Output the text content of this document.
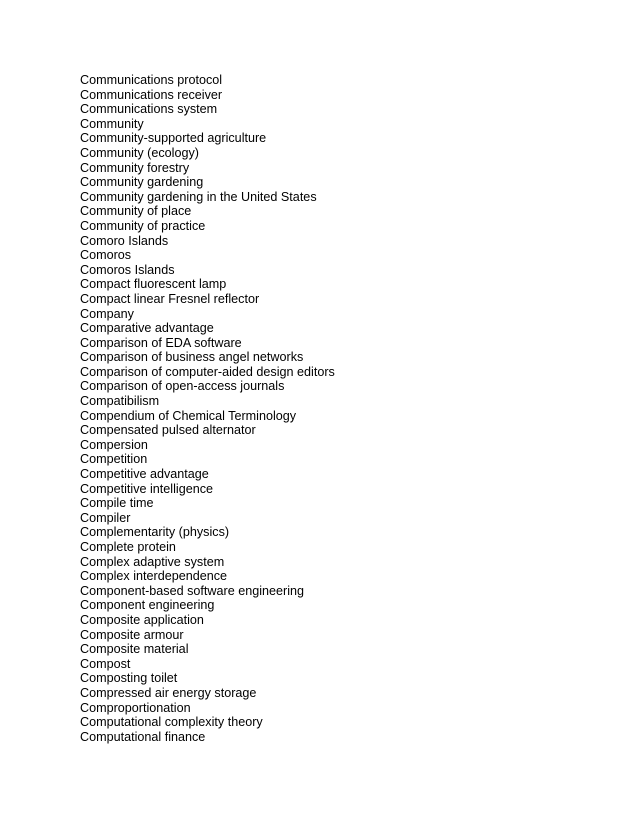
Communications protocol
Communications receiver
Communications system
Community
Community-supported agriculture
Community (ecology)
Community forestry
Community gardening
Community gardening in the United States
Community of place
Community of practice
Comoro Islands
Comoros
Comoros Islands
Compact fluorescent lamp
Compact linear Fresnel reflector
Company
Comparative advantage
Comparison of EDA software
Comparison of business angel networks
Comparison of computer-aided design editors
Comparison of open-access journals
Compatibilism
Compendium of Chemical Terminology
Compensated pulsed alternator
Compersion
Competition
Competitive advantage
Competitive intelligence
Compile time
Compiler
Complementarity (physics)
Complete protein
Complex adaptive system
Complex interdependence
Component-based software engineering
Component engineering
Composite application
Composite armour
Composite material
Compost
Composting toilet
Compressed air energy storage
Comproportionation
Computational complexity theory
Computational finance
